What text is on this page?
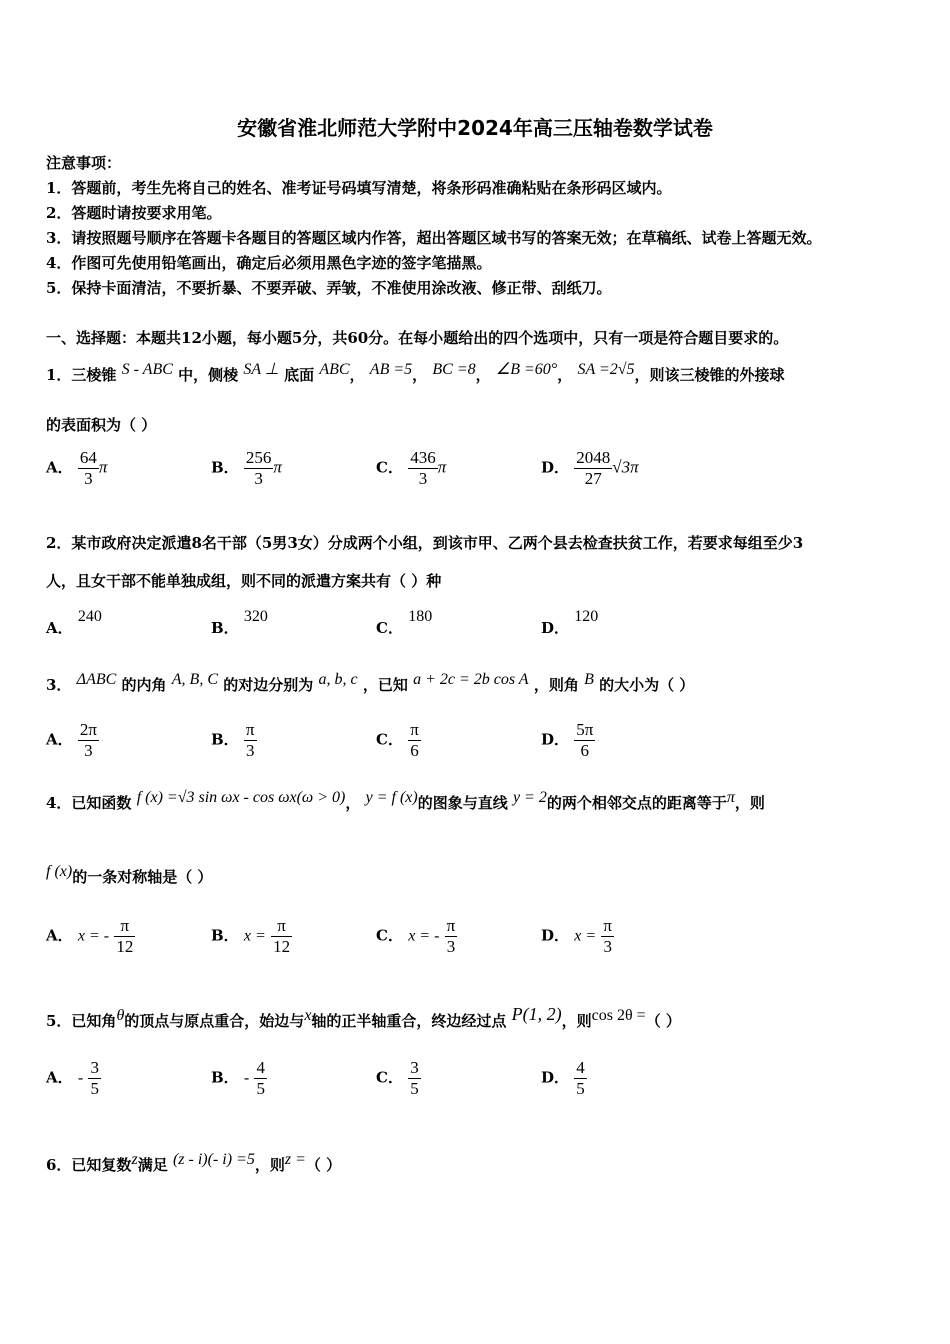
安徽省淮北师范大学附中2024年高三压轴卷数学试卷
注意事项：
1．答题前，考生先将自己的姓名、准考证号码填写清楚，将条形码准确粘贴在条形码区域内。
2．答题时请按要求用笔。
3．请按照题号顺序在答题卡各题目的答题区域内作答，超出答题区域书写的答案无效；在草稿纸、试卷上答题无效。
4．作图可先使用铅笔画出，确定后必须用黑色字迹的签字笔描黑。
5．保持卡面清洁，不要折暴、不要弄破、弄皱，不准使用涂改液、修正带、刮纸刀。
一、选择题：本题共12小题，每小题5分，共60分。在每小题给出的四个选项中，只有一项是符合题目要求的。
1．三棱锥 S - ABC 中，侧棱 SA ⊥ 底面 ABC， AB =5， BC =8， ∠B =60°， SA =2√5，则该三棱锥的外接球
的表面积为（ ）
A． $\frac{64}{3}$ π	B． $\frac{256}{3}$ π	C． $\frac{436}{3}$ π	D． $\frac{2048}{27} √3\pi$
2．某市政府决定派遣8名干部（5男3女）分成两个小组，到该市甲、乙两个县去检查扶贫工作，若要求每组至少3
人，且女干部不能单独成组，则不同的派遣方案共有（ ）种
A． 240
B． 320
C． 180
D． 120
3． ΔABC 的内角 A, B, C 的对边分别为 a, b, c ，已知 a + 2c = 2b cos A ，则角 B 的大小为（ ）
A． $\frac{2\pi}{3}$	B． $\frac{\pi}{3}$	C． $\frac{\pi}{6}$	D． $\frac{5\pi}{6}$
4．已知函数 f (x) =√3 sin ωx - cos ωx(ω > 0)， y = f (x)的图象与直线 y = 2的两个相邻交点的距离等于π，则
f (x)的一条对称轴是（ ）
A． x = - $\frac{\pi}{12}$	B． $x = \frac{\pi}{12}$	C． x = - $\frac{\pi}{3}$	D． $x = \frac{\pi}{3}$
5．已知角θ的顶点与原点重合，始边与x轴的正半轴重合，终边经过点 P(1, 2)，则cos 2θ =（ ）
A． - $\frac{3}{5}$	B． - $\frac{4}{5}$	C． $\frac{3}{5}$	D． $\frac{4}{5}$
6．已知复数z满足 (z - i)(- i) =5，则z =（ ）
